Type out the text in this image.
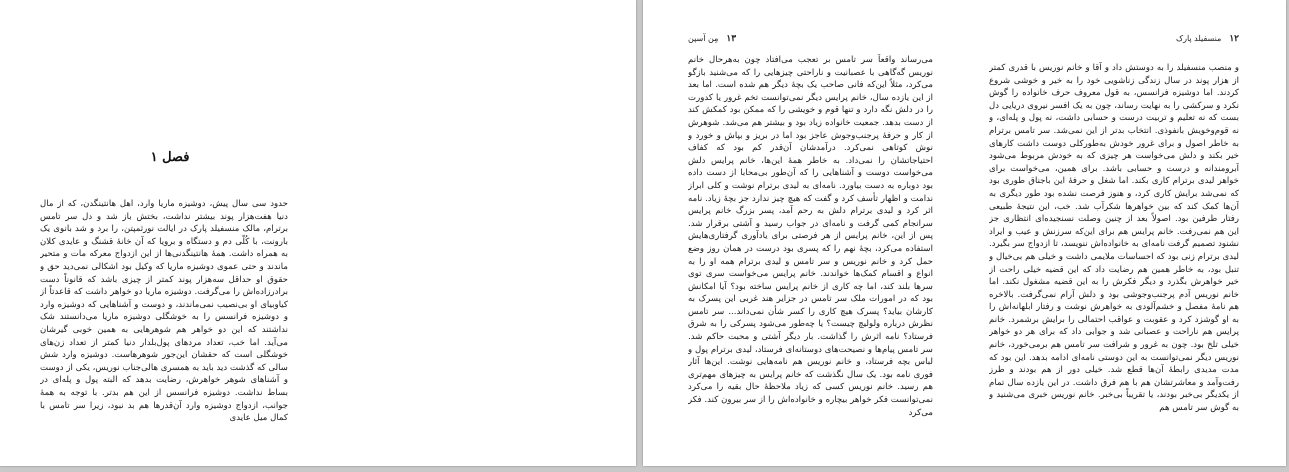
فصل ۱

حدود سی سال پیش، دوشیزه ماریا وارد، اهل هانتینگدن، که از مال دنیا هفت‌هزار پوند بیشتر نداشت، بختش باز شد و دل سر تامس برترام، مالک منسفیلد پارک در ایالت نورثمپتن، را برد و شد بانوی یک بارونت، با کُلّی دم و دستگاه و برویا که آن خانهٔ قشنگ و عایدی کلان به همراه داشت. همهٔ هانتینگدنی‌ها از این ازدواج معرکه مات و متحیر ماندند و حتی عموی دوشیزه ماریا که وکیل بود اشکالی نمی‌دید حق و حقوق او حداقل سه‌هزار پوند کمتر از چیزی باشد که قانوناً دست برادرزاده‌اش را می‌گرفت. دوشیزه ماریا دو خواهر داشت که قاعدتاً از کیا‌وبیای او بی‌نصیب نمی‌ماندند، و دوست و آشناهایی که دوشیزه وارد و دوشیزه فرانسس را به خوشگلی دوشیزه ماریا می‌دانستند شک نداشتند که این دو خواهر هم شوهرهایی به همین خوبی گیرشان می‌آید. اما خب، تعداد مردهای پول‌بلدار دنیا کمتر از تعداد زن‌های خوشگلی است که حقشان این‌جور شوهرهاست. دوشیزه وارد شش سالی که گذشت دید باید به همسری هالی‌جناب نوریس، یکی از دوست و آشناهای شوهر خواهرش، رضایت بدهد که البته پول و پله‌ای در بساط نداشت. دوشیزه فرانسس از این هم بدتر. با توجه به همهٔ جوانب، ازدواج دوشیزه وارد آن‌قدرها هم بد نبود، زیرا سر تامس با کمال میل عایدی

۱۳
مِن آسپن

می‌رساند واقعاً سر تامس بر تعجب می‌افتاد چون به‌هرحال خانم نوریس گه‌گاهی با عصبانیت و ناراحتی چیزهایی را که می‌شنید بازگو می‌کرد، مثلاً این‌که فانی صاحب یک بچهٔ دیگر هم شده است. اما بعد از این یازده سال، خانم پرایس دیگر نمی‌توانست تخم غرور یا کدورت را در دلش نگه دارد و تنها قوم و خویشی را که ممکن بود کمکش کند از دست بدهد. جمعیت خانواده زیاد بود و بیشتر هم می‌شد. شوهرش از کار و حرفهٔ پرجنب‌وجوش عاجز بود اما در بریز و بپاش و خورد و نوش کوتاهی نمی‌کرد. درآمدشان آن‌قدر کم بود که کفاف احتیاجاتشان را نمی‌داد. به خاطر همهٔ این‌ها، خانم پرایس دلش می‌خواست دوست و آشناهایی را که آن‌طور بی‌محابا از دست داده بود دوباره به دست بیاورد. نامه‌ای به لیدی برترام نوشت و کلی ابراز ندامت و اظهار تأسف کرد و گفت که هیچ چیز ندارد جز بچهٔ زیاد. نامه اثر کرد و لیدی برترام دلش به رحم آمد، پسر بزرگ خانم پرایس سرانجام کمی گرفت و نامه‌ای در جواب رسید و آشتی برقرار شد. پس از این، خانم پرایس از هر فرصتی برای یادآوری گرفتاری‌هایش استفاده می‌کرد، بچهٔ نهم را که پسری بود درست در همان روز وضع حمل کرد و خانم نوریس و سر تامس و لیدی برترام همه او را به انواع و اقسام کمک‌ها خواندند. خانم پرایس می‌خواست سری توی سرها بلند کند، اما چه کاری از خانم پرایس ساخته بود؟ آیا امکانش بود که در امورات ملک سر تامس در جزایر هند غربی این پسرک به کارشان بیاید؟ پسرک هیچ کاری را کسر شأن نمی‌داند... سر تامس نظرش درباره ولولیچ چیست؟ یا چه‌طور می‌شود پسرکی را به شرق فرستاد؟ نامه اثرش را گذاشت. بار دیگر آشتی و محبت حاکم شد. سر تامس پیام‌ها و نصیحت‌های دوستانه‌ای فرستاد، لیدی برترام پول و لباس بچه فرستاد، و خانم نوریس هم نامه‌هایی نوشت. این‌ها آثار فوری نامه بود. یک سال نگذشت که خانم پرایس به چیزهای مهم‌تری هم رسید. خانم نوریس کسی که زیاد ملاحظهٔ حال بقیه را می‌کرد نمی‌توانست فکر خواهر بیچاره و خانواده‌اش را از سر بیرون کند. فکر می‌کرد

۱۲
منسفیلد پارک

و منصب منسفیلد را به دوستش داد و آقا و خانم نوریس با قدری کمتر از هزار پوند در سال زندگی زناشویی خود را به خیر و خوشی شروع کردند. اما دوشیزه فرانسس، به قول معروف حرف خانواده را گوش نکرد و سرکشی را به نهایت رساند، چون به یک افسر نیروی دریایی دل بست که نه تعلیم و تربیت درست و حسابی داشت، نه پول و پله‌ای، و نه قوم‌وخویش بانفوذی. انتخاب بدتر از این نمی‌شد. سر تامس برترام به خاطر اصول و برای غرور خودش به‌طورکلی دوست داشت کارهای خیر بکند و دلش می‌خواست هر چیزی که به خودش مربوط می‌شود آبرومندانه و درست و حسابی باشد. برای همین، می‌خواست برای خواهر لیدی برترام کاری بکند. اما شغل و حرفهٔ این باجناق طوری بود که نمی‌شد برایش کاری کرد، و هنوز فرصت نشده بود طور دیگری به آن‌ها کمک کند که بین خواهرها شکرآب شد. خب، این نتیجهٔ طبیعی رفتار طرفین بود. اصولاً بعد از چنین وصلت نسنجیده‌ای انتظاری جز این هم نمی‌رفت. خانم پرایس هم برای این‌که سرزنش و عیب و ایراد نشنود تصمیم گرفت نامه‌ای به خانواده‌اش ننویسد، تا ازدواج سر بگیرد. لیدی برترام زنی بود که احساسات ملایمی داشت و خیلی هم بی‌خیال و تنبل بود، به خاطر همین هم رضایت داد که این قضیه خیلی راحت از خیر خواهرش بگذرد و دیگر فکرش را به این قضیه مشغول نکند. اما خانم نوریس آدم پرجنب‌وجوشی بود و دلش آرام نمی‌گرفت. بالاخره هم نامهٔ مفصل و خشم‌آلودی به خواهرش نوشت و رفتار ابلهانه‌اش را به او گوشزد کرد و عقوبت و عواقب احتمالی را برایش برشمرد. خانم پرایس هم ناراحت و عصبانی شد و جوابی داد که برای هر دو خواهر خیلی تلخ بود. چون به غرور و شرافت سر تامس هم برمی‌خورد، خانم نوریس دیگر نمی‌توانست به این دوستی نامه‌ای ادامه بدهد. این بود که مدت مدیدی رابطهٔ آن‌ها قطع شد. خیلی دور از هم بودند و طرز رفت‌وآمد و معاشرتشان هم با هم فرق داشت. در این یازده سال تمام از یکدیگر بی‌خبر بودند، یا تقریباً بی‌خبر. خانم نوریس خبری می‌شنید و به گوش سر تامس هم
